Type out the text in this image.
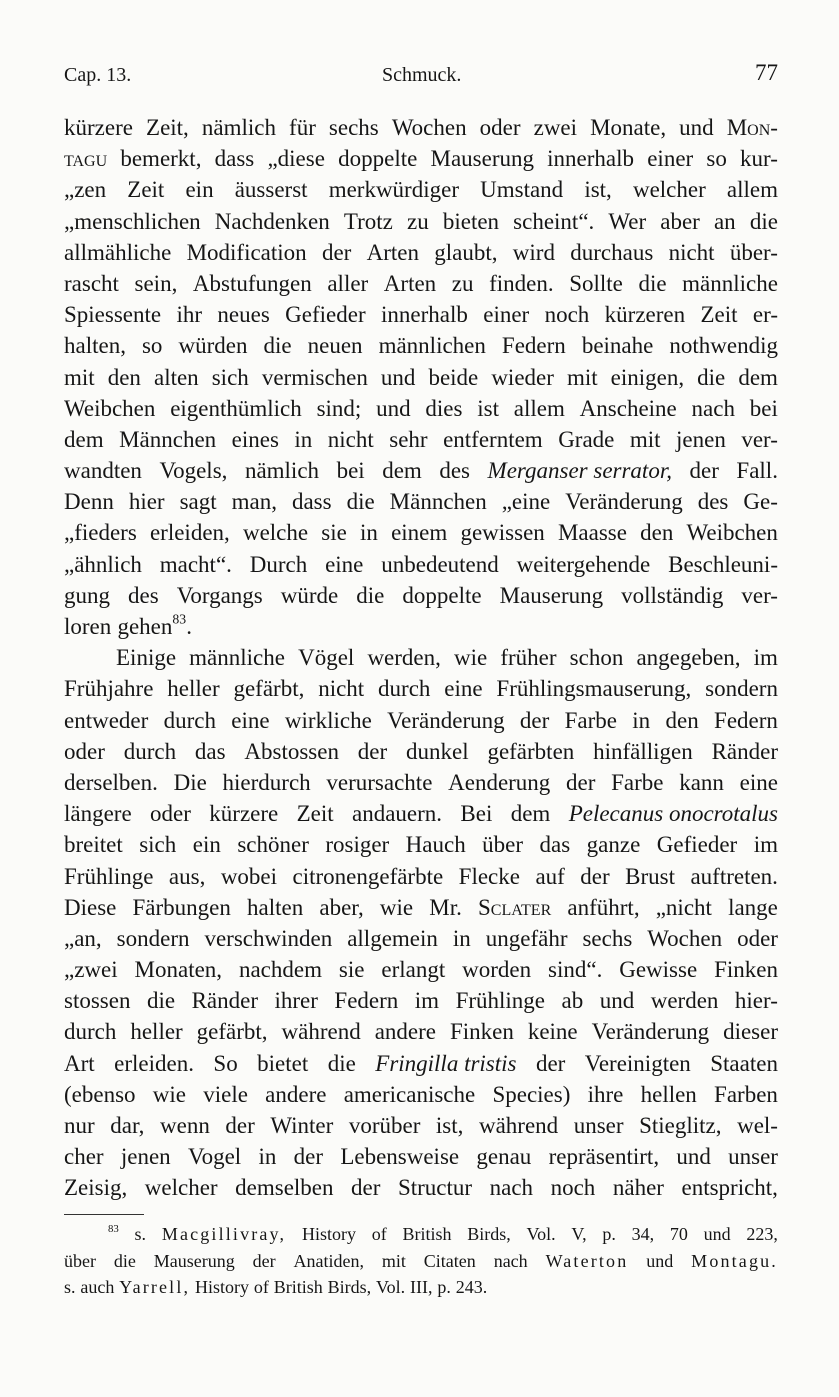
Cap. 13.	Schmuck.	77
kürzere Zeit, nämlich für sechs Wochen oder zwei Monate, und Mon-
tagu bemerkt, dass „diese doppelte Mauserung innerhalb einer so kur-
„zen Zeit ein äusserst merkwürdiger Umstand ist, welcher allem
„menschlichen Nachdenken Trotz zu bieten scheint“. Wer aber an die
allmähliche Modification der Arten glaubt, wird durchaus nicht über-
rascht sein, Abstufungen aller Arten zu finden. Sollte die männliche
Spiessente ihr neues Gefieder innerhalb einer noch kürzeren Zeit er-
halten, so würden die neuen männlichen Federn beinahe nothwendig
mit den alten sich vermischen und beide wieder mit einigen, die dem
Weibchen eigenthümlich sind; und dies ist allem Anscheine nach bei
dem Männchen eines in nicht sehr entferntem Grade mit jenen ver-
wandten Vogels, nämlich bei dem des Merganser serrator, der Fall.
Denn hier sagt man, dass die Männchen „eine Veränderung des Ge-
„fieders erleiden, welche sie in einem gewissen Maasse den Weibchen
„ähnlich macht“. Durch eine unbedeutend weitergehende Beschleuni-
gung des Vorgangs würde die doppelte Mauserung vollständig ver-
loren gehen$^{83}$.
Einige männliche Vögel werden, wie früher schon angegeben, im
Frühjahre heller gefärbt, nicht durch eine Frühlingsmauserung, sondern
entweder durch eine wirkliche Veränderung der Farbe in den Federn
oder durch das Abstossen der dunkel gefärbten hinfälligen Ränder
derselben. Die hierdurch verursachte Aenderung der Farbe kann eine
längere oder kürzere Zeit andauern. Bei dem Pelecanus onocrotalus
breitet sich ein schöner rosiger Hauch über das ganze Gefieder im
Frühlinge aus, wobei citronengefärbte Flecke auf der Brust auftreten.
Diese Färbungen halten aber, wie Mr. Sclater anführt, „nicht lange
„an, sondern verschwinden allgemein in ungefähr sechs Wochen oder
„zwei Monaten, nachdem sie erlangt worden sind“. Gewisse Finken
stossen die Ränder ihrer Federn im Frühlinge ab und werden hier-
durch heller gefärbt, während andere Finken keine Veränderung dieser
Art erleiden. So bietet die Fringilla tristis der Vereinigten Staaten
(ebenso wie viele andere americanische Species) ihre hellen Farben
nur dar, wenn der Winter vorüber ist, während unser Stieglitz, wel-
cher jenen Vogel in der Lebensweise genau repräsentirt, und unser
Zeisig, welcher demselben der Structur nach noch näher entspricht,
$^{83}$ s. Macgillivray, History of British Birds, Vol. V, p. 34, 70 und 223,
über die Mauserung der Anatiden, mit Citaten nach Waterton und Montagu.
s. auch Yarrell, History of British Birds, Vol. III, p. 243.
